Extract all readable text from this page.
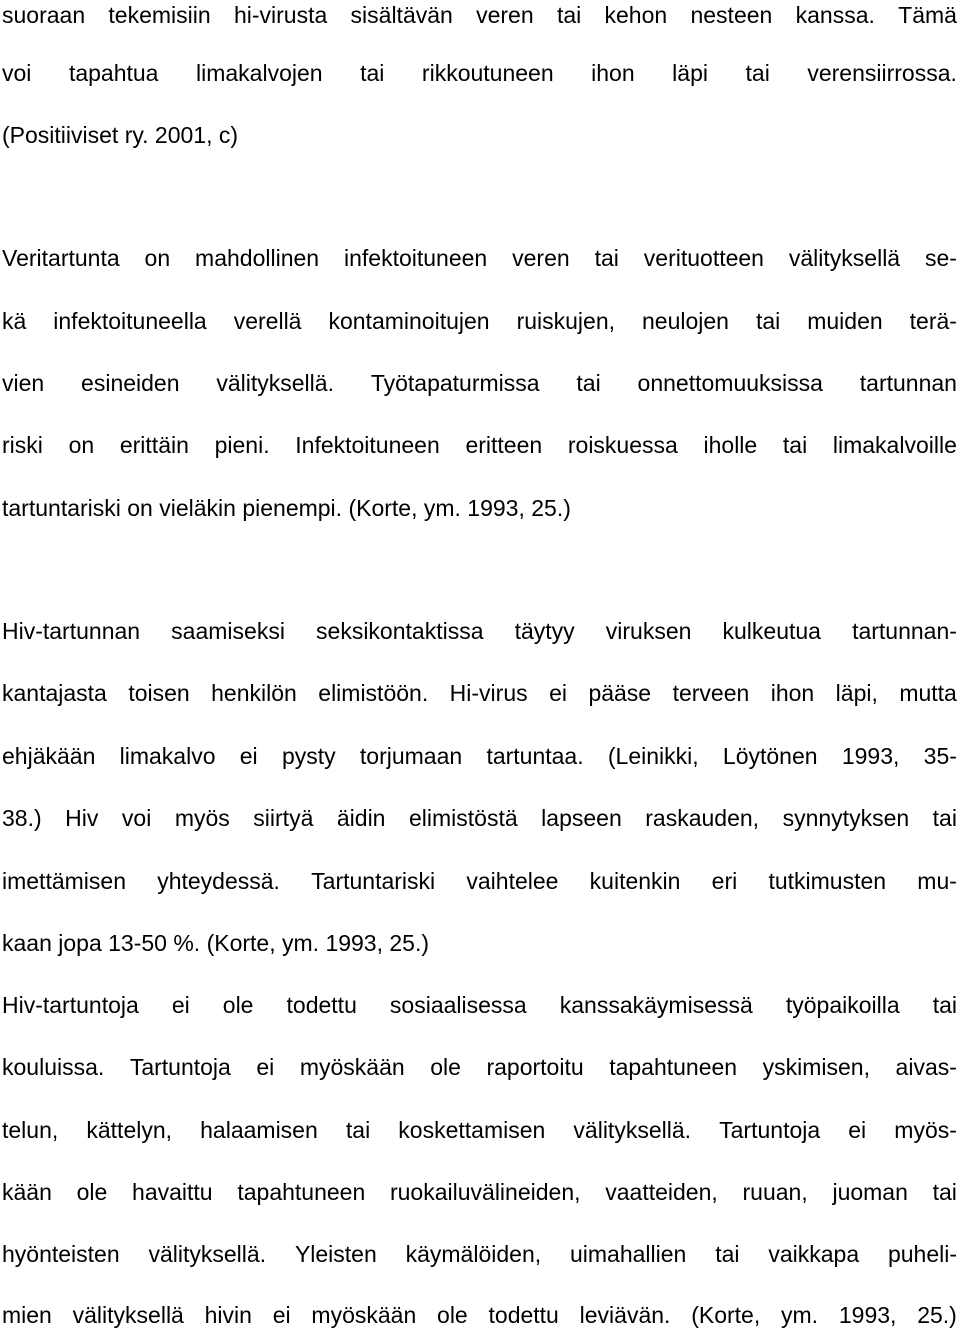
suoraan tekemisiin hi-virusta sisältävän veren tai kehon nesteen kanssa. Tämä
voi tapahtua limakalvojen tai rikkoutuneen ihon läpi tai verensiirrossa.
(Positiiviset ry. 2001, c)
Veritartunta on mahdollinen infektoituneen veren tai verituotteen välityksellä se-
kä infektoituneella verellä kontaminoitujen ruiskujen, neulojen tai muiden terä-
vien esineiden välityksellä. Työtapaturmissa tai onnettomuuksissa tartunnan
riski on erittäin pieni. Infektoituneen eritteen roiskuessa iholle tai limakalvoille
tartuntariski on vieläkin pienempi. (Korte, ym. 1993, 25.)
Hiv-tartunnan saamiseksi seksikontaktissa täytyy viruksen kulkeutua tartunnan-
kantajasta toisen henkilön elimistöön. Hi-virus ei pääse terveen ihon läpi, mutta
ehjäkään limakalvo ei pysty torjumaan tartuntaa. (Leinikki, Löytönen 1993, 35-
38.) Hiv voi myös siirtyä äidin elimistöstä lapseen raskauden, synnytyksen tai
imettämisen yhteydessä. Tartuntariski vaihtelee kuitenkin eri tutkimusten mu-
kaan jopa 13-50 %. (Korte, ym. 1993, 25.)
Hiv-tartuntoja ei ole todettu sosiaalisessa kanssakäymisessä työpaikoilla tai
kouluissa. Tartuntoja ei myöskään ole raportoitu tapahtuneen yskimisen, aivas-
telun, kättelyn, halaamisen tai koskettamisen välityksellä. Tartuntoja ei myös-
kään ole havaittu tapahtuneen ruokailuvälineiden, vaatteiden, ruuan, juoman tai
hyönteisten välityksellä. Yleisten käymälöiden, uimahallien tai vaikkapa puheli-
mien välityksellä hivin ei myöskään ole todettu leviävän. (Korte, ym. 1993, 25.)
